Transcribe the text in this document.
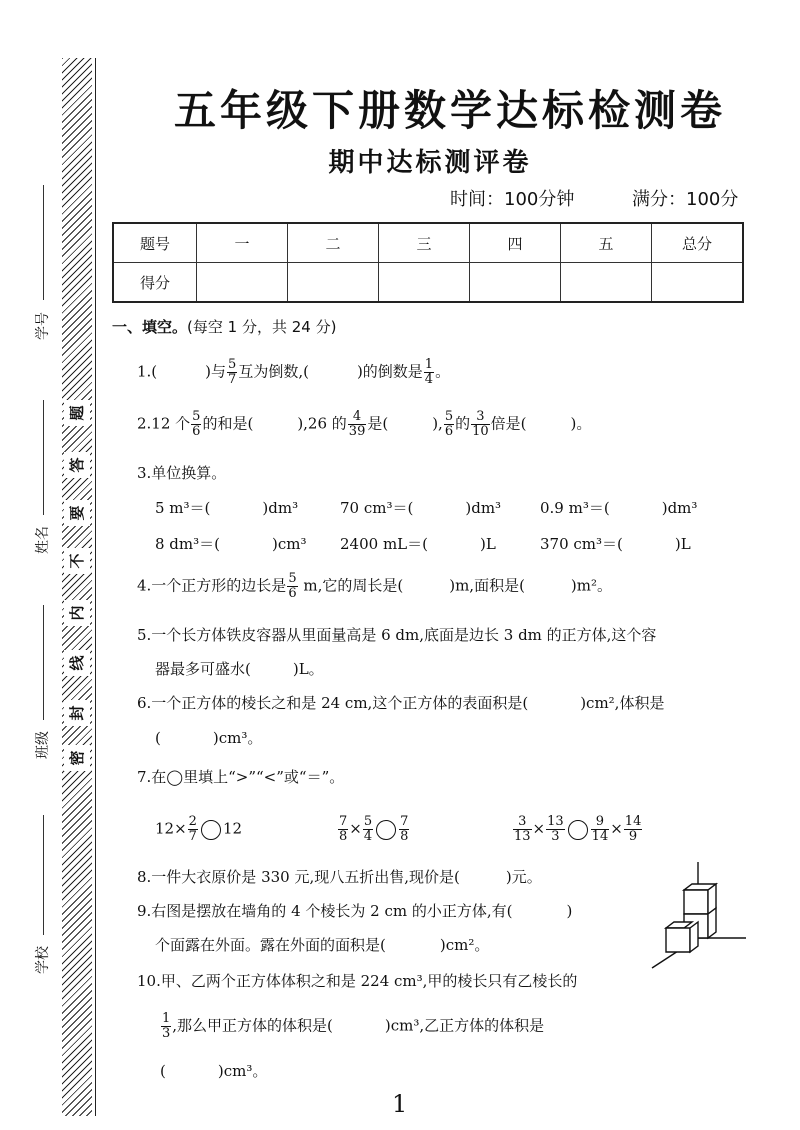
题
答
要
不
内
线
封
密
学号
姓名
班级
学校
五年级下册数学达标检测卷
期中达标测评卷
时间：100分钟	满分：100分
题号	一	二	三	四	五	总分
得分						
一、填空。(每空 1 分，共 24 分)
1.(	)与 $\frac{5}{7}$ 互为倒数,(	)的倒数是 $\frac{1}{4}$ 。
2.12 个 $\frac{5}{6}$ 的和是(	),26 的 $\frac{4}{39}$ 是(	), $\frac{5}{6}$ 的 $\frac{3}{10}$ 倍是(	)。
3.单位换算。
5 m³＝(	)dm³	70 cm³＝(	)dm³	0.9 m³＝(	)dm³
8 dm³＝(	)cm³ 2400 mL＝(	)L	370 cm³＝(	)L
4.一个正方形的边长是 $\frac{5}{6} m$,它的周长是(	)m,面积是(	)m²。
5.一个长方体铁皮容器从里面量高是 6 dm,底面是边长 3 dm 的正方体,这个容
器最多可盛水(	)L。
6.一个正方体的棱长之和是 24 cm,这个正方体的表面积是(	)cm²,体积是
(	)cm³。
7.在◯里填上“>”“<”或“＝”。
$12\times \frac{2}{7} 12$	$\frac{7}{8} \times \frac{5}{4} \frac{7}{8}$	$\frac{3}{13} \times \frac{13}{3} \frac{9}{14} \times \frac{14}{9}$
8.一件大衣原价是 330 元,现八五折出售,现价是(	)元。
9.右图是摆放在墙角的 4 个棱长为 2 cm 的小正方体,有(	)
个面露在外面。露在外面的面积是(	)cm²。
10.甲、乙两个正方体体积之和是 224 cm³,甲的棱长只有乙棱长的
$\frac{1}{3}$ ,那么甲正方体的体积是(	)cm³,乙正方体的体积是
(	)cm³。
1
